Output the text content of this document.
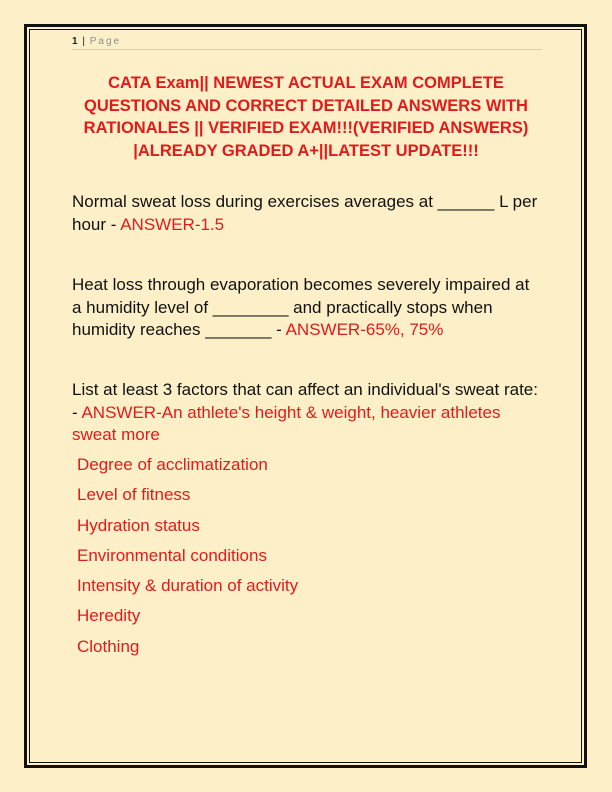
1 | Page
CATA Exam|| NEWEST ACTUAL EXAM COMPLETE QUESTIONS AND CORRECT DETAILED ANSWERS WITH RATIONALES || VERIFIED EXAM!!!(VERIFIED ANSWERS) |ALREADY GRADED A+||LATEST UPDATE!!!
Normal sweat loss during exercises averages at ______ L per hour - ANSWER-1.5
Heat loss through evaporation becomes severely impaired at a humidity level of ________ and practically stops when humidity reaches _______ - ANSWER-65%, 75%
List at least 3 factors that can affect an individual's sweat rate: - ANSWER-An athlete's height & weight, heavier athletes sweat more
Degree of acclimatization
Level of fitness
Hydration status
Environmental conditions
Intensity & duration of activity
Heredity
Clothing
